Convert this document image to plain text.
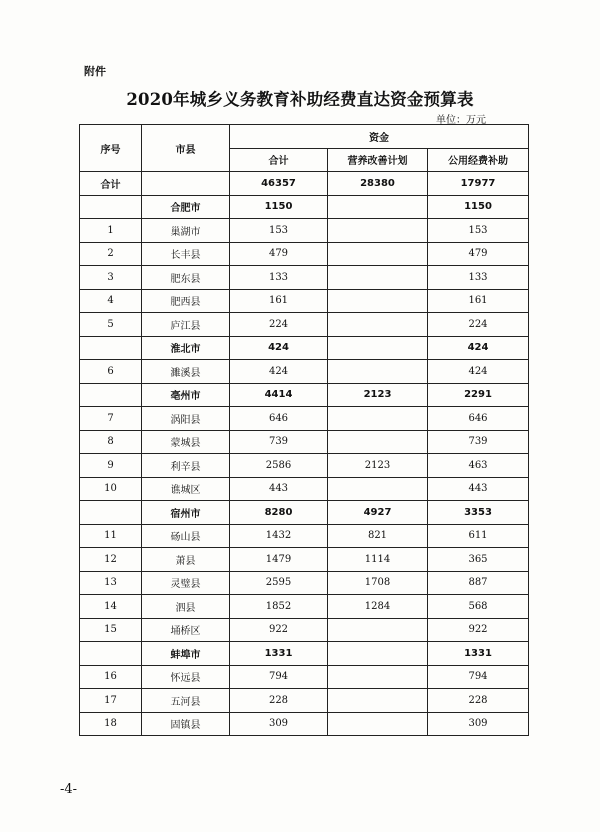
附件
2020年城乡义务教育补助经费直达资金预算表
单位：万元
序号	市县	资金		
		合计	营养改善计划	公用经费补助
合计		46357	28380	17977
	合肥市	1150		1150
1	巢湖市	153		153
2	长丰县	479		479
3	肥东县	133		133
4	肥西县	161		161
5	庐江县	224		224
	淮北市	424		424
6	濉溪县	424		424
	亳州市	4414	2123	2291
7	涡阳县	646		646
8	蒙城县	739		739
9	利辛县	2586	2123	463
10	谯城区	443		443
	宿州市	8280	4927	3353
11	砀山县	1432	821	611
12	萧县	1479	1114	365
13	灵璧县	2595	1708	887
14	泗县	1852	1284	568
15	埇桥区	922		922
	蚌埠市	1331		1331
16	怀远县	794		794
17	五河县	228		228
18	固镇县	309		309
-4-
